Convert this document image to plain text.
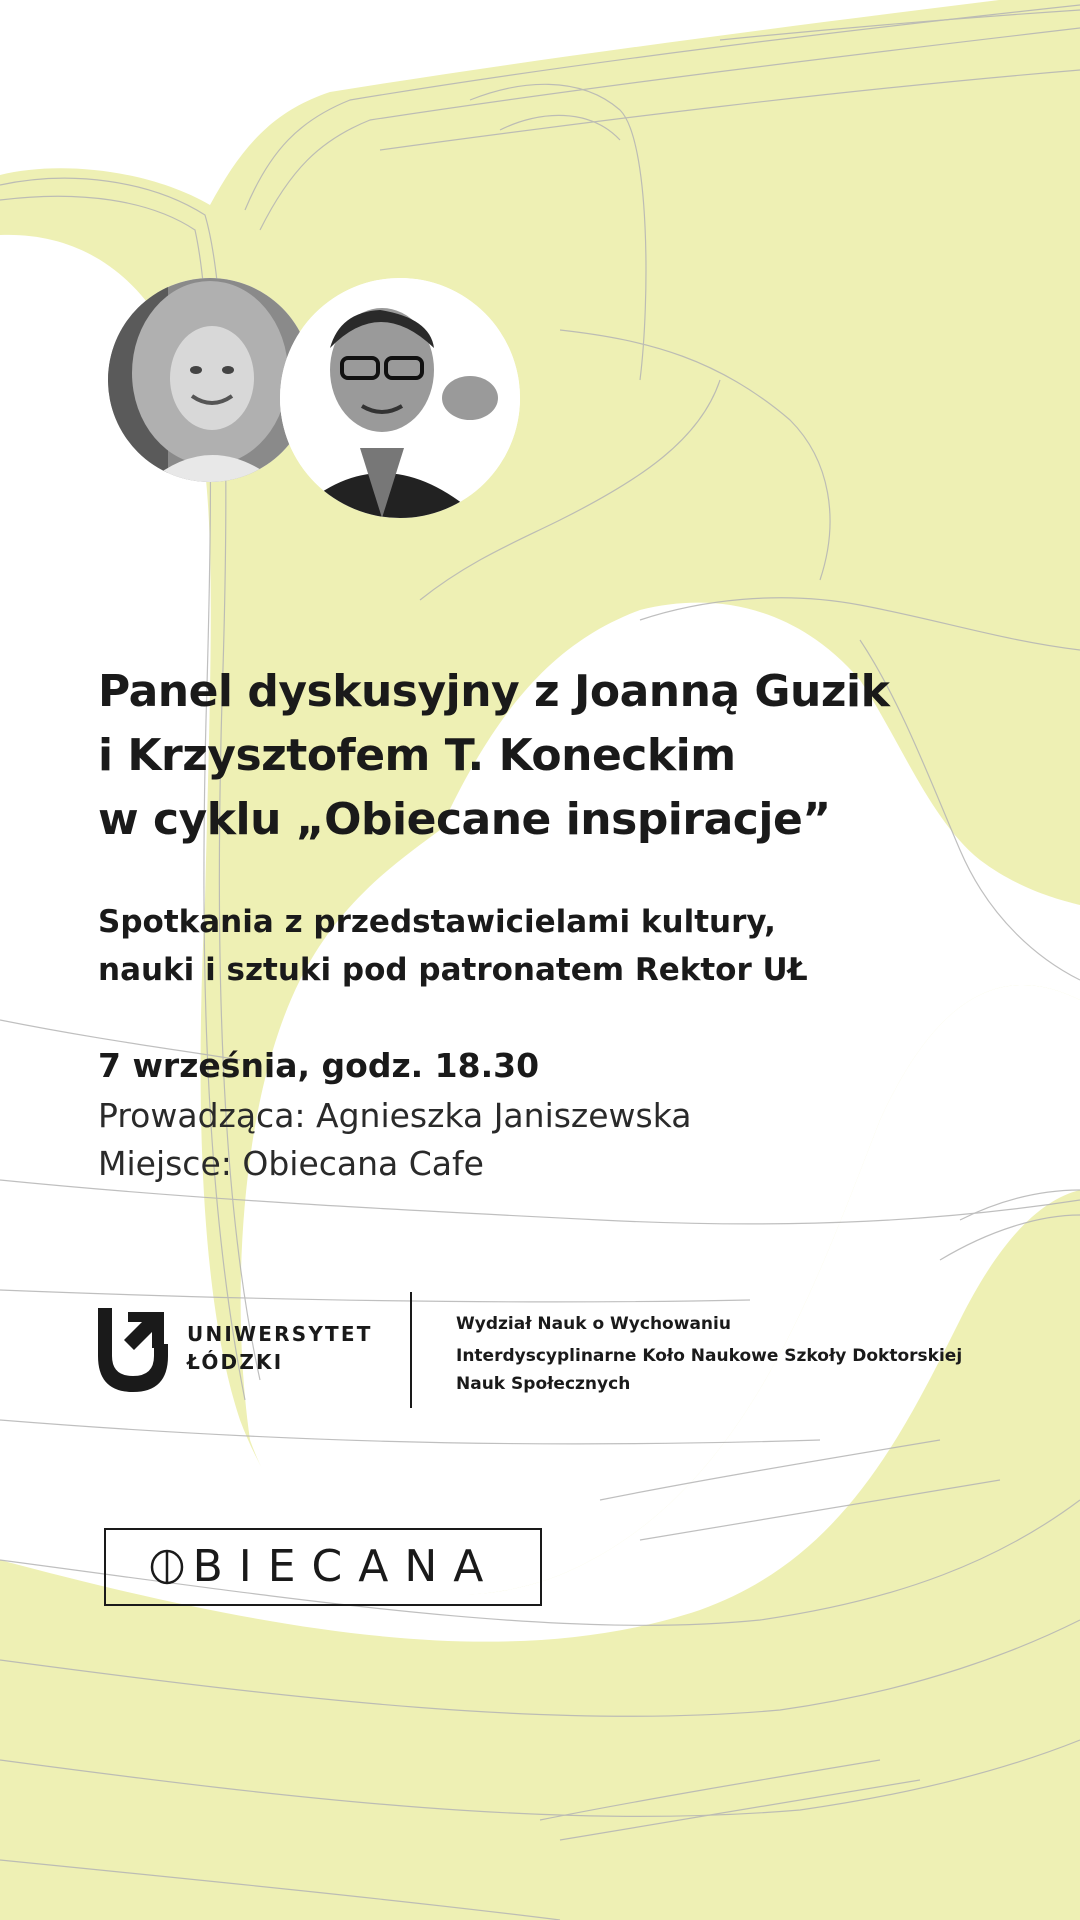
Panel dyskusyjny z Joanną Guzik
i Krzysztofem T. Koneckim
w cyklu „Obiecane inspiracje”
Spotkania z przedstawicielami kultury,
nauki i sztuki pod patronatem Rektor UŁ
7 września, godz. 18.30
Prowadząca: Agnieszka Janiszewska
Miejsce: Obiecana Cafe
UNIWERSYTET
ŁÓDZKI
Wydział Nauk o Wychowaniu
Interdyscyplinarne Koło Naukowe Szkoły Doktorskiej
Nauk Społecznych
BIECANA
